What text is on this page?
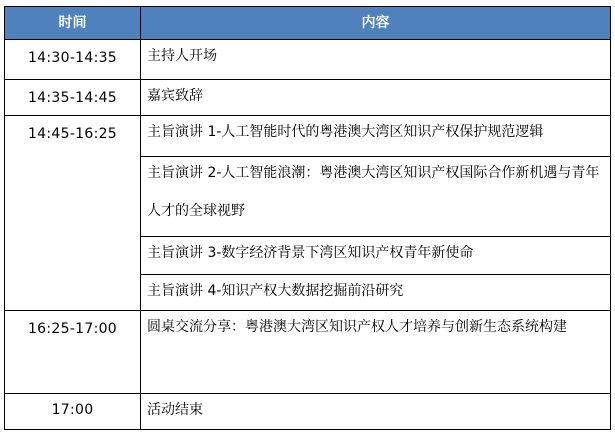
时间	内容
14:30-14:35	主持人开场

14:35-14:45	嘉宾致辞

14:45-16:25	主旨演讲 1-人工智能时代的粤港澳大湾区知识产权保护规范逻辑

	主旨演讲 2-人工智能浪潮：粤港澳大湾区知识产权国际合作新机遇与青年人才的全球视野

	主旨演讲 3-数字经济背景下湾区知识产权青年新使命

	主旨演讲 4-知识产权大数据挖掘前沿研究

16:25-17:00	圆桌交流分享：粤港澳大湾区知识产权人才培养与创新生态系统构建

17:00	活动结束
